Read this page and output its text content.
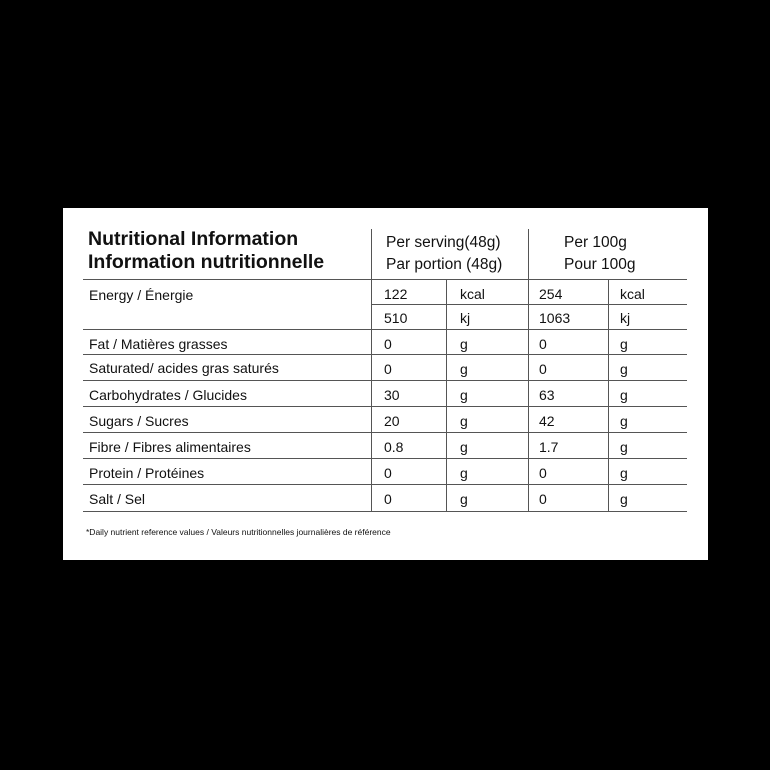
Nutritional Information
Information nutritionnelle
Per serving(48g)
Par portion (48g)
Per 100g
Pour 100g
Energy / Énergie	122	kcal	254	kcal
510	kj	1063	kj
Fat / Matières grasses	0	g	0	g
Saturated/ acides gras saturés	0	g	0	g
Carbohydrates / Glucides	30	g	63	g
Sugars / Sucres	20	g	42	g
Fibre / Fibres alimentaires	0.8	g	1.7	g
Protein / Protéines	0	g	0	g
Salt / Sel	0	g	0	g
*Daily nutrient reference values / Valeurs nutritionnelles journalières de référence
